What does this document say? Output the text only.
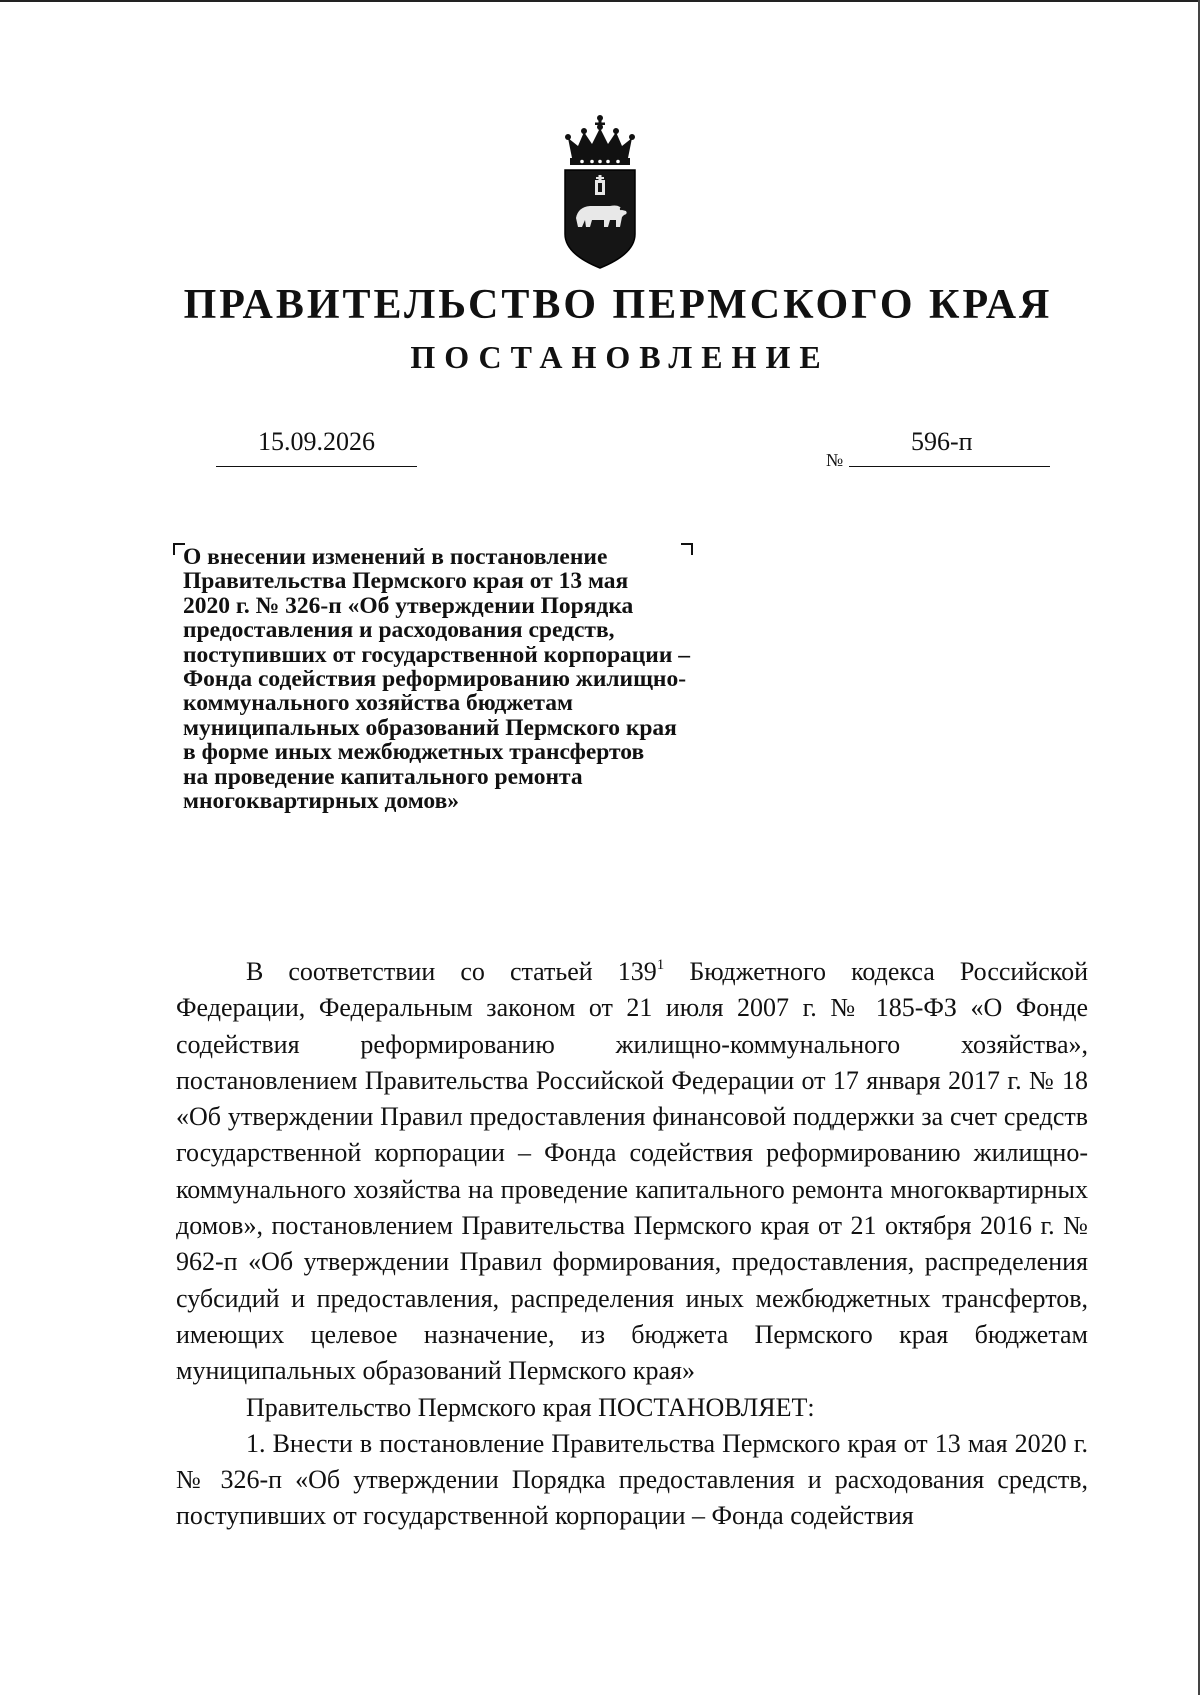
ПРАВИТЕЛЬСТВО ПЕРМСКОГО КРАЯ
ПОСТАНОВЛЕНИЕ
15.09.2026
№
596-п
О внесении изменений в постановление
Правительства Пермского края от 13 мая
2020 г. № 326-п «Об утверждении Порядка
предоставления и расходования средств,
поступивших от государственной корпорации –
Фонда содействия реформированию жилищно-
коммунального хозяйства бюджетам
муниципальных образований Пермского края
в форме иных межбюджетных трансфертов
на проведение капитального ремонта
многоквартирных домов»

В соответствии со статьей $139^1$ Бюджетного кодекса Российской Федерации, Федеральным законом от 21 июля 2007 г. № 185-ФЗ «О Фонде содействия реформированию жилищно-коммунального хозяйства», постановлением Правительства Российской Федерации от 17 января 2017 г. № 18 «Об утверждении Правил предоставления финансовой поддержки за счет средств государственной корпорации – Фонда содействия реформированию жилищно-коммунального хозяйства на проведение капитального ремонта многоквартирных домов», постановлением Правительства Пермского края от 21 октября 2016 г. № 962-п «Об утверждении Правил формирования, предоставления, распределения субсидий и предоставления, распределения иных межбюджетных трансфертов, имеющих целевое назначение, из бюджета Пермского края бюджетам муниципальных образований Пермского края»

Правительство Пермского края ПОСТАНОВЛЯЕТ:

1. Внести в постановление Правительства Пермского края от 13 мая 2020 г. № 326-п «Об утверждении Порядка предоставления и расходования средств, поступивших от государственной корпорации – Фонда содействия
